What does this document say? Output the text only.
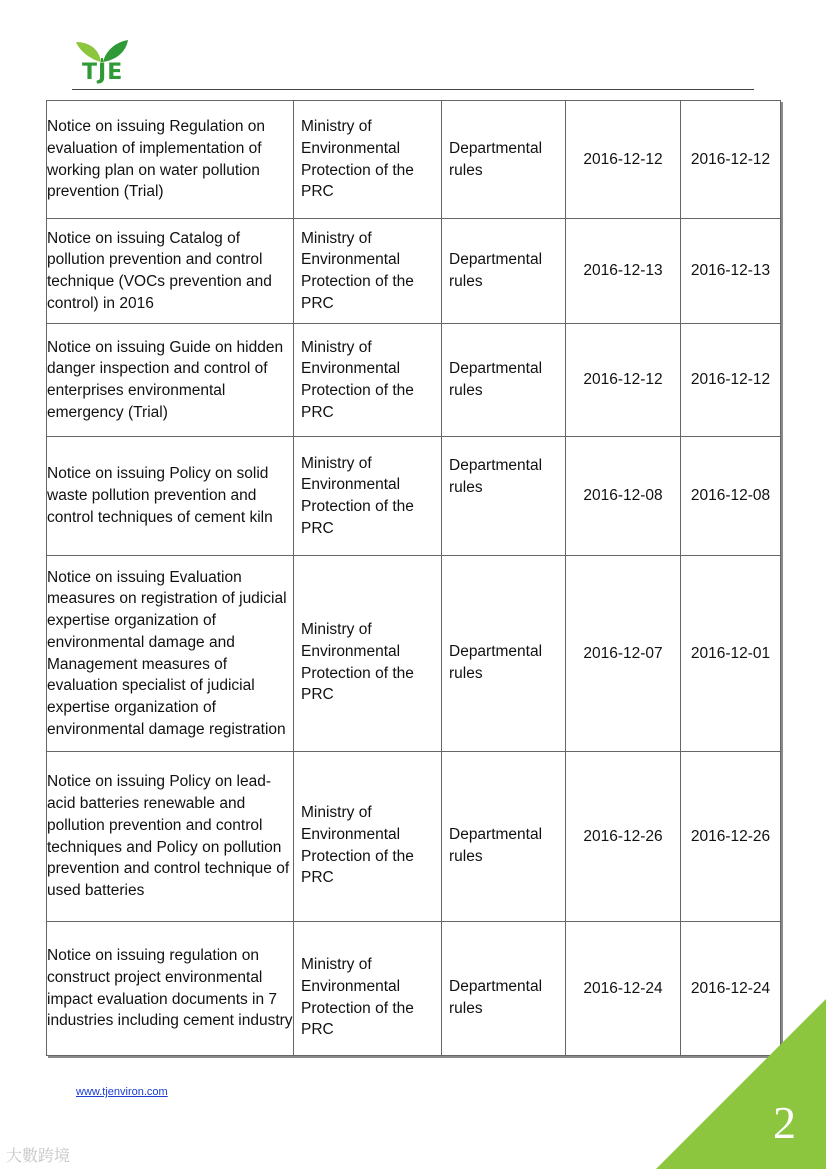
TJE
Notice on issuing Regulation on evaluation of implementation of working plan on water pollution prevention (Trial)	Ministry of Environmental Protection of the PRC	Departmental rules	2016-12-12	2016-12-12
Notice on issuing Catalog of pollution prevention and control technique (VOCs prevention and control) in 2016	Ministry of Environmental Protection of the PRC	Departmental rules	2016-12-13	2016-12-13
Notice on issuing Guide on hidden danger inspection and control of enterprises environmental emergency (Trial)	Ministry of Environmental Protection of the PRC	Departmental rules	2016-12-12	2016-12-12
Notice on issuing Policy on solid waste pollution prevention and control techniques of cement kiln	Ministry of Environmental Protection of the PRC	Departmental rules	2016-12-08	2016-12-08
Notice on issuing Evaluation measures on registration of judicial expertise organization of environmental damage and Management measures of evaluation specialist of judicial expertise organization of environmental damage registration	Ministry of Environmental Protection of the PRC	Departmental rules	2016-12-07	2016-12-01
Notice on issuing Policy on lead-acid batteries renewable and pollution prevention and control techniques and Policy on pollution prevention and control technique of used batteries	Ministry of Environmental Protection of the PRC	Departmental rules	2016-12-26	2016-12-26
Notice on issuing regulation on construct project environmental impact evaluation documents in 7 industries including cement industry	Ministry of Environmental Protection of the PRC	Departmental rules	2016-12-24	2016-12-24
www.tjenviron.com
2
大數跨境
